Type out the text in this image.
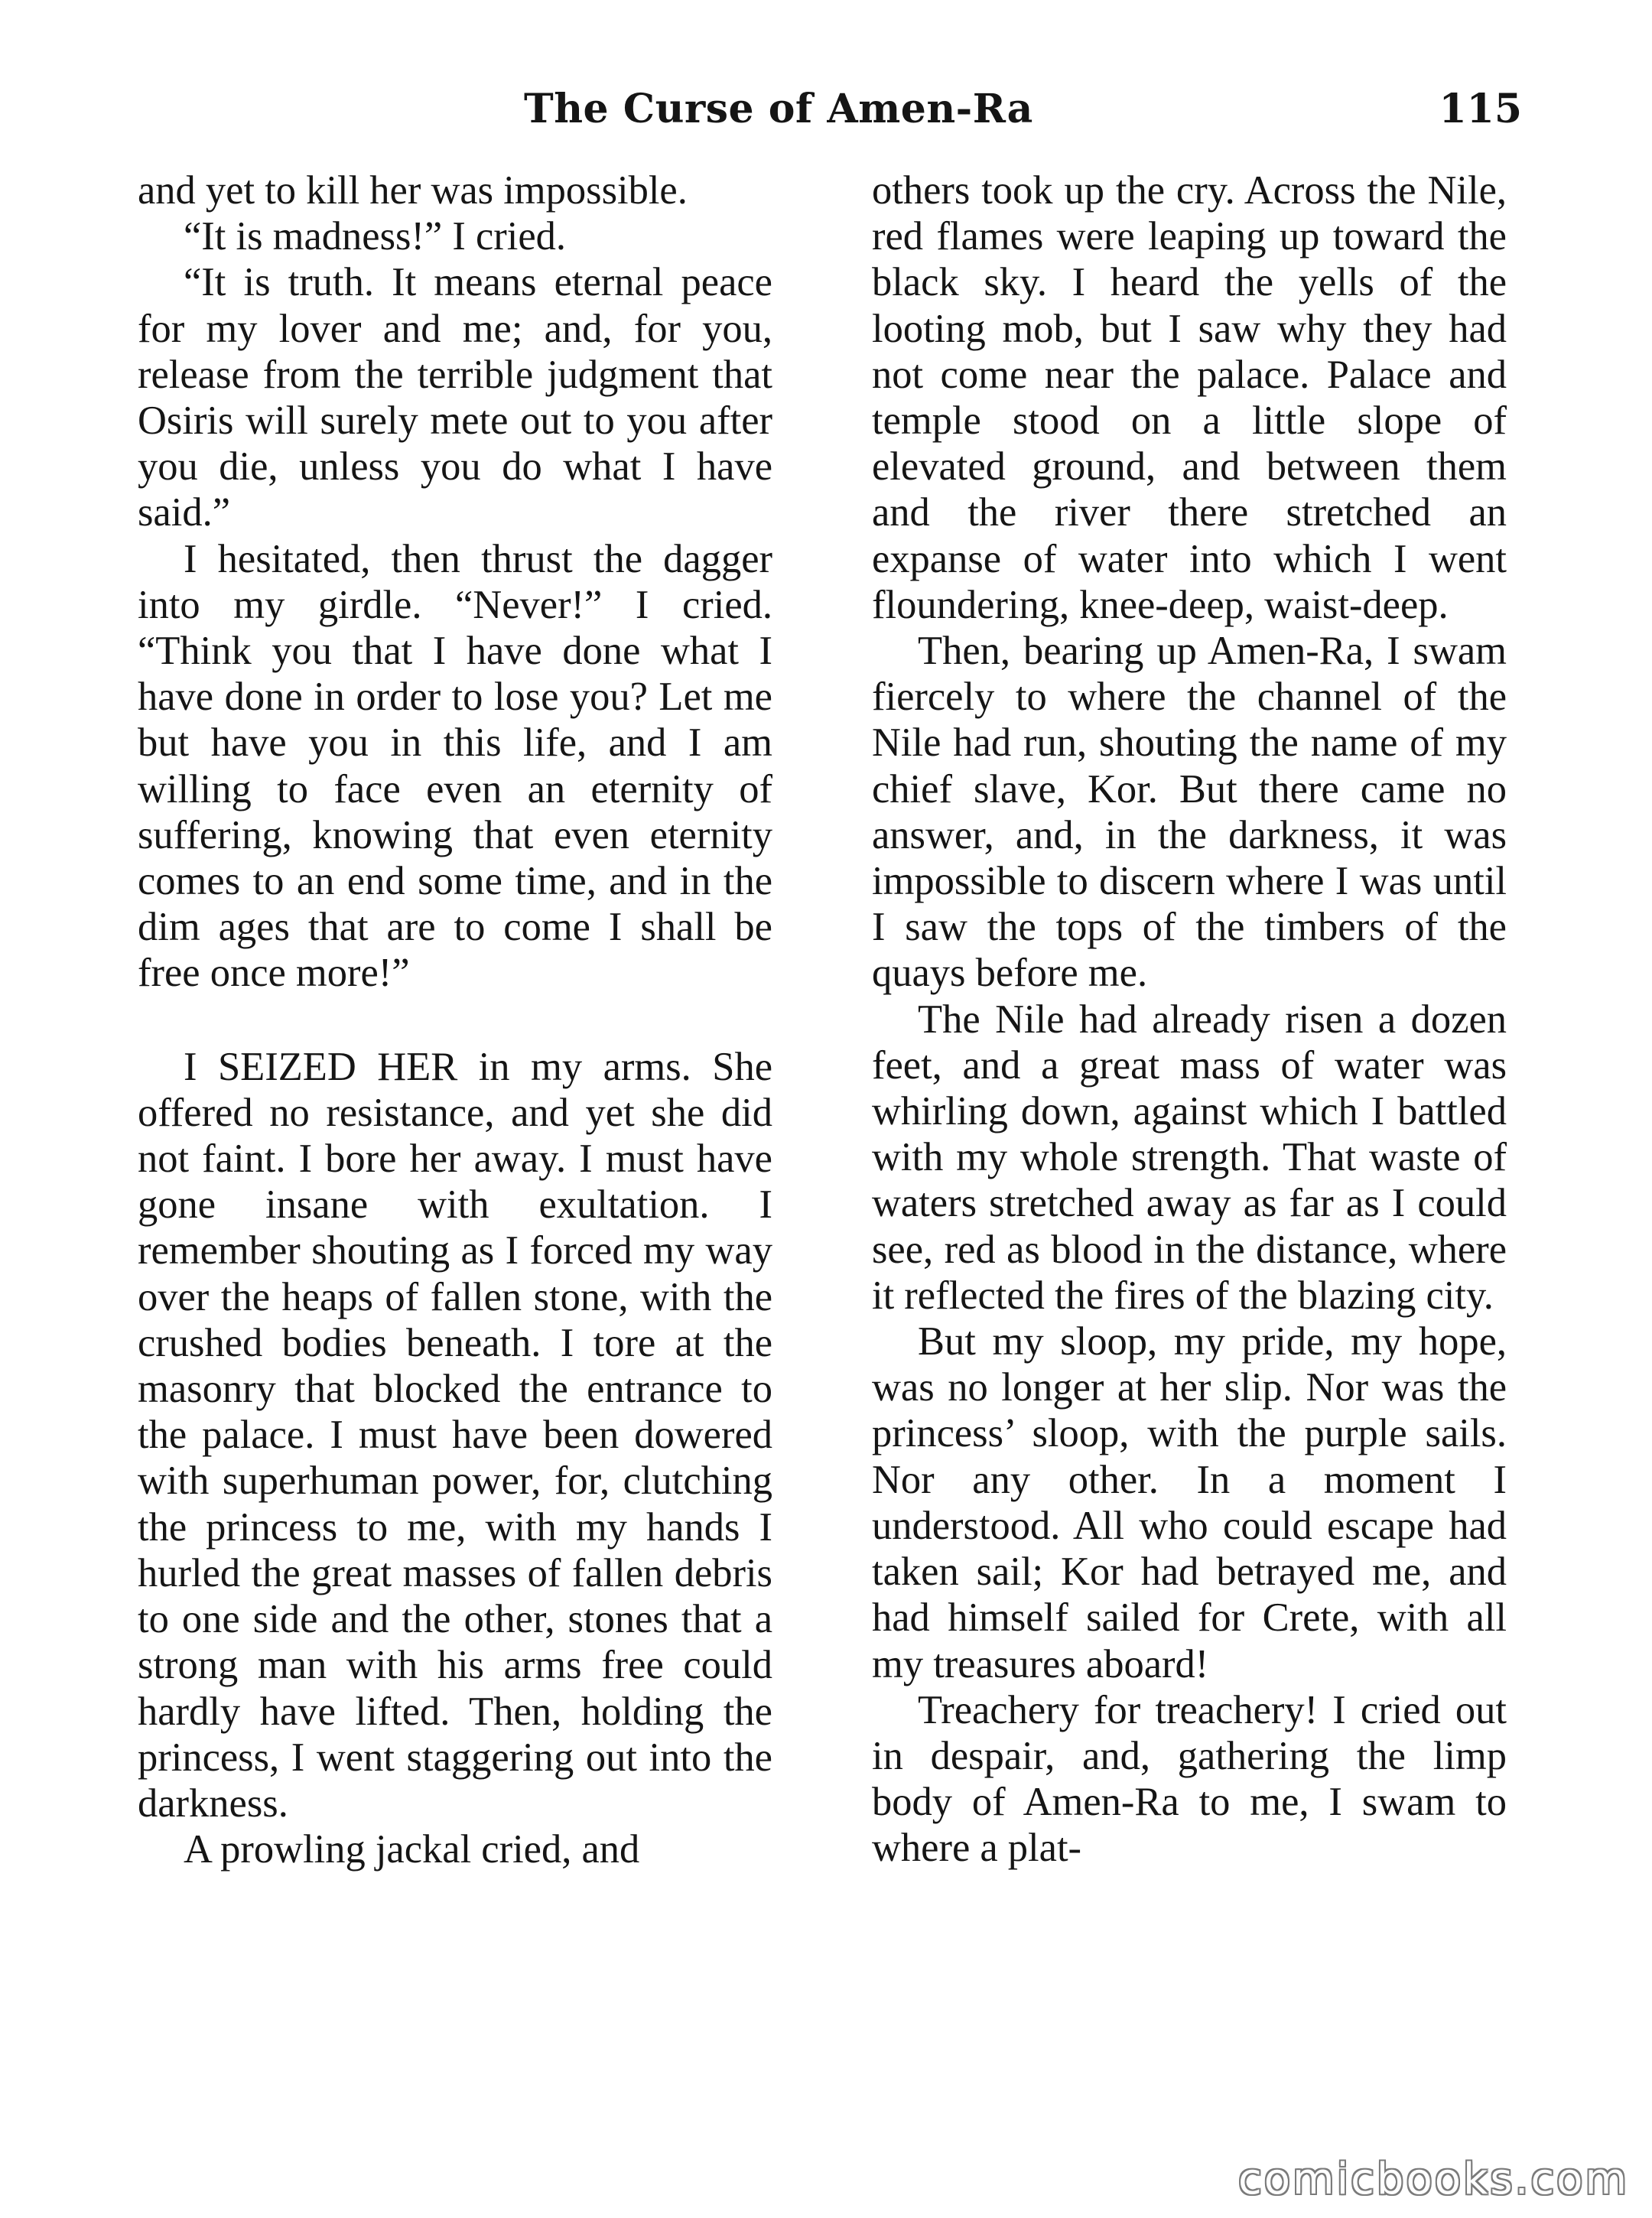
The Curse of Amen-Ra	115

and yet to kill her was impossible.

“It is madness!” I cried.

“It is truth. It means eternal peace for my lover and me; and, for you, release from the terrible judgment that Osiris will surely mete out to you after you die, unless you do what I have said.”

I hesitated, then thrust the dagger into my girdle. “Never!” I cried. “Think you that I have done what I have done in order to lose you? Let me but have you in this life, and I am willing to face even an eternity of suffering, knowing that even eternity comes to an end some time, and in the dim ages that are to come I shall be free once more!”

I SEIZED HER in my arms. She offered no resistance, and yet she did not faint. I bore her away. I must have gone insane with exultation. I remember shouting as I forced my way over the heaps of fallen stone, with the crushed bodies beneath. I tore at the masonry that blocked the entrance to the palace. I must have been dowered with superhuman power, for, clutching the princess to me, with my hands I hurled the great masses of fallen debris to one side and the other, stones that a strong man with his arms free could hardly have lifted. Then, holding the princess, I went staggering out into the darkness.

A prowling jackal cried, and

others took up the cry. Across the Nile, red flames were leaping up toward the black sky. I heard the yells of the looting mob, but I saw why they had not come near the palace. Palace and temple stood on a little slope of elevated ground, and between them and the river there stretched an expanse of water into which I went floundering, knee-deep, waist-deep.

Then, bearing up Amen-Ra, I swam fiercely to where the channel of the Nile had run, shouting the name of my chief slave, Kor. But there came no answer, and, in the darkness, it was impossible to discern where I was until I saw the tops of the timbers of the quays before me.

The Nile had already risen a dozen feet, and a great mass of water was whirling down, against which I battled with my whole strength. That waste of waters stretched away as far as I could see, red as blood in the distance, where it reflected the fires of the blazing city.

But my sloop, my pride, my hope, was no longer at her slip. Nor was the princess’ sloop, with the purple sails. Nor any other. In a moment I understood. All who could escape had taken sail; Kor had betrayed me, and had himself sailed for Crete, with all my treasures aboard!

Treachery for treachery! I cried out in despair, and, gathering the limp body of Amen-Ra to me, I swam to where a plat-

comicbooks.com
